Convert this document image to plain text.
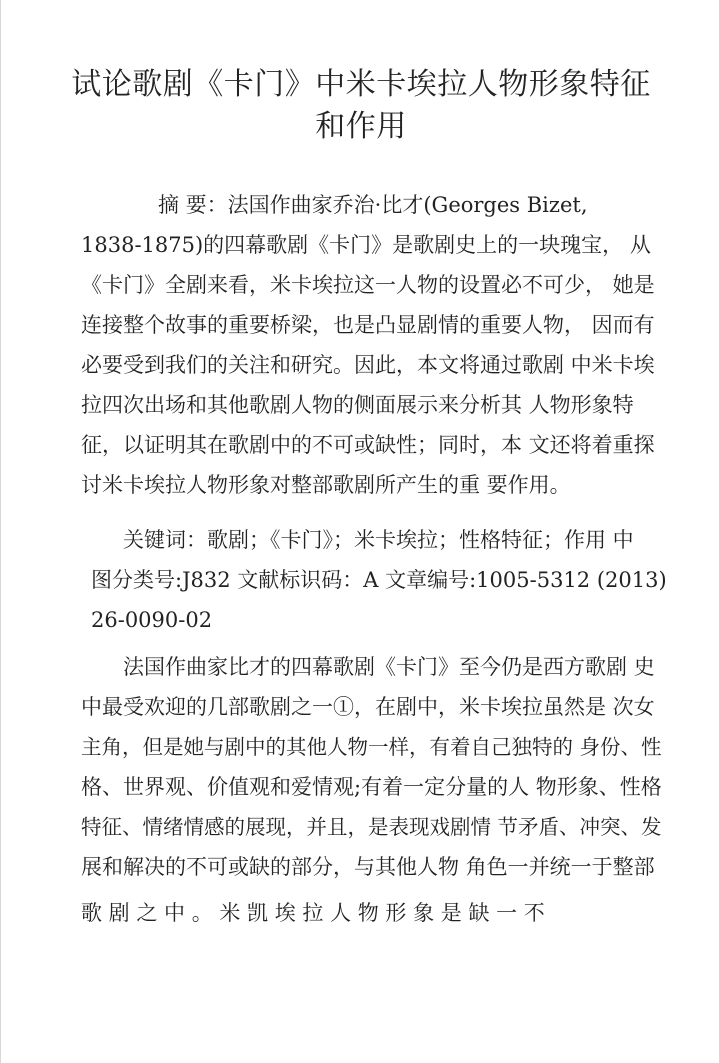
试论歌剧《卡门》中米卡埃拉人物形象特征
和作用
摘 要：法国作曲家乔治·比才(Georges Bizet,
1838-1875)的四幕歌剧《卡门》是歌剧史上的一块瑰宝， 从
《卡门》全剧来看，米卡埃拉这一人物的设置必不可少， 她是
连接整个故事的重要桥梁，也是凸显剧情的重要人物， 因而有
必要受到我们的关注和研究。因此，本文将通过歌剧 中米卡埃
拉四次出场和其他歌剧人物的侧面展示来分析其 人物形象特
征，以证明其在歌剧中的不可或缺性；同时，本 文还将着重探
讨米卡埃拉人物形象对整部歌剧所产生的重 要作用。
关键词：歌剧；《卡门》；米卡埃拉；性格特征；作用 中
图分类号:J832 文献标识码：A 文章编号:1005-5312 (2013)
26-0090-02
法国作曲家比才的四幕歌剧《卡门》至今仍是西方歌剧 史
中最受欢迎的几部歌剧之一①，在剧中，米卡埃拉虽然是 次女
主角，但是她与剧中的其他人物一样，有着自己独特的 身份、性
格、世界观、价值观和爱情观;有着一定分量的人 物形象、性格
特征、情绪情感的展现，并且，是表现戏剧情 节矛盾、冲突、发
展和解决的不可或缺的部分，与其他人物 角色一并统一于整部
歌 剧 之 中 。 米 凯 埃 拉 人 物 形 象 是 缺 一 不
